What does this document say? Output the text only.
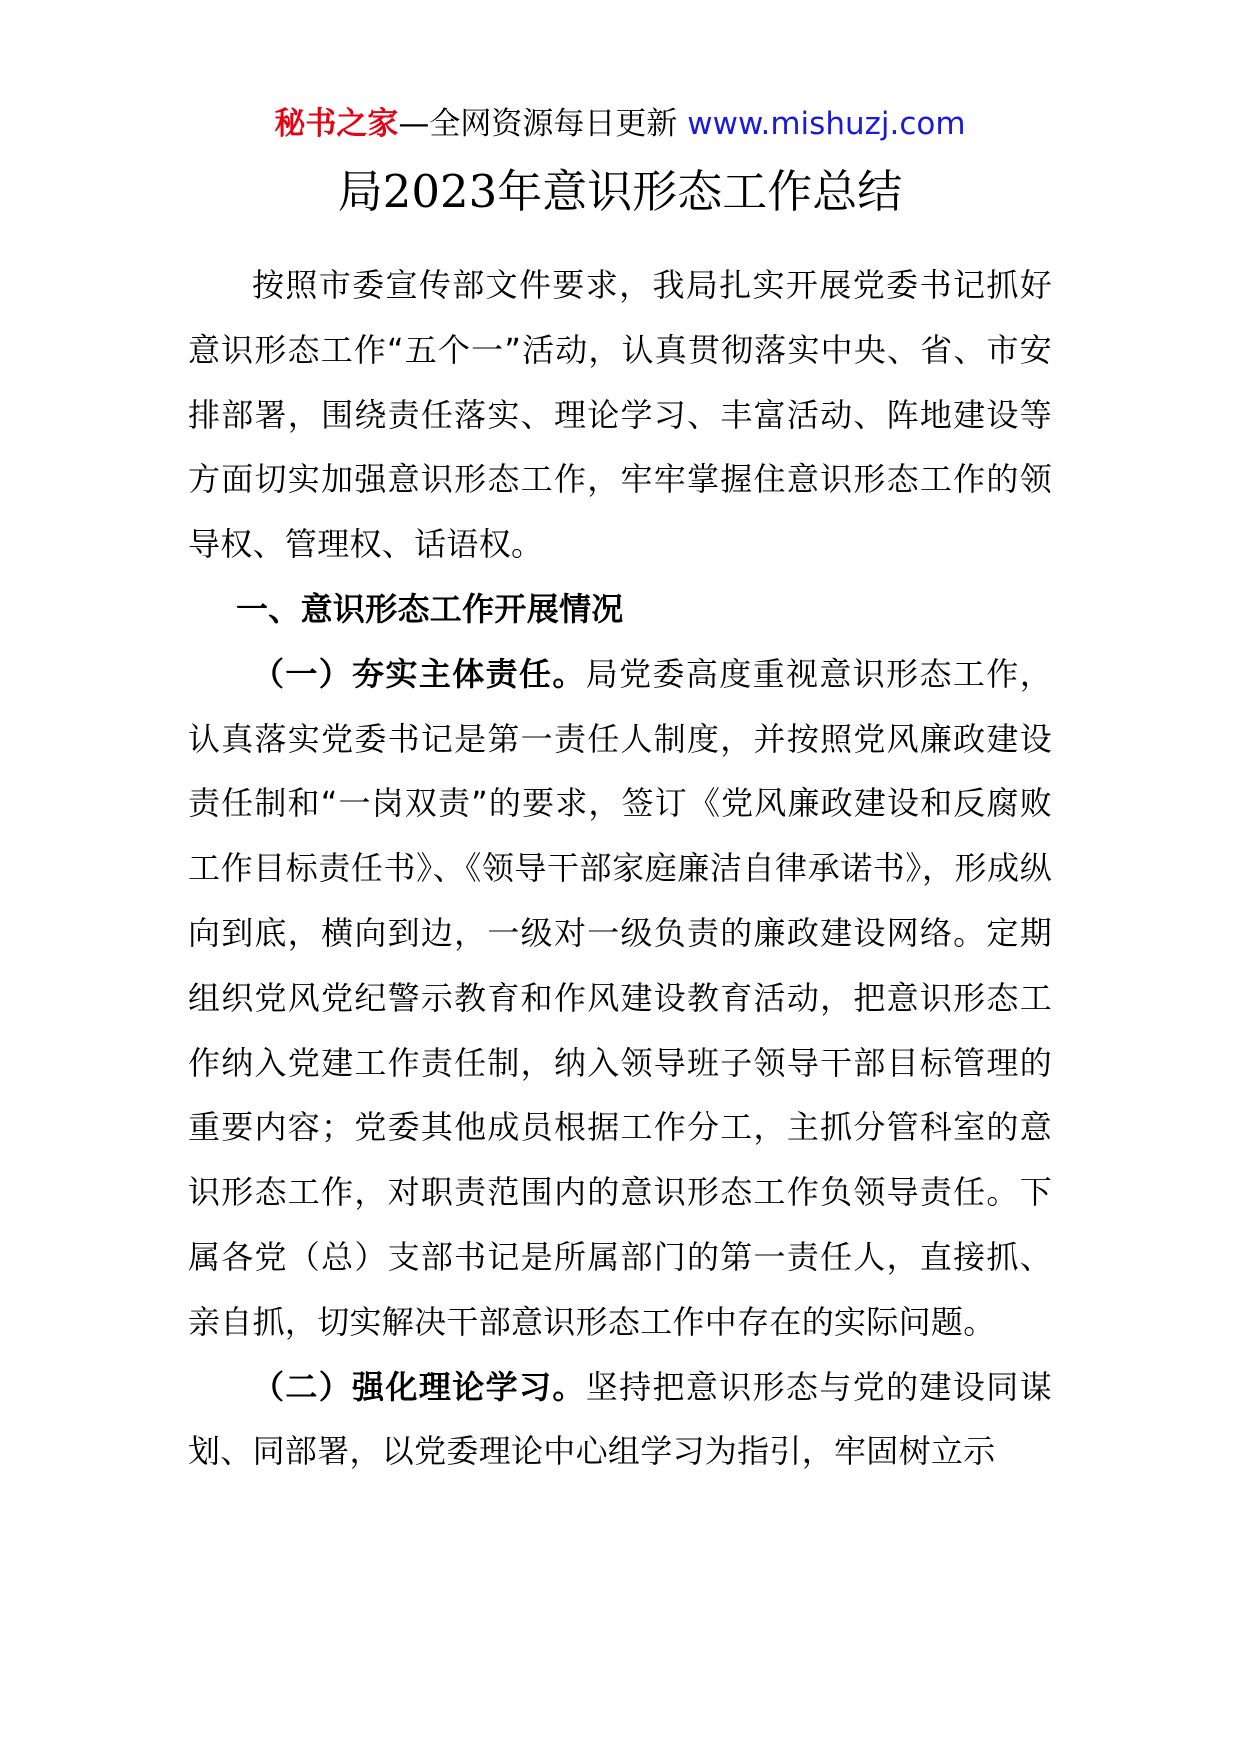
秘书之家—全网资源每日更新 www.mishuzj.com
局2023年意识形态工作总结

按照市委宣传部文件要求，我局扎实开展党委书记抓好意识形态工作“五个一”活动，认真贯彻落实中央、省、市安排部署，围绕责任落实、理论学习、丰富活动、阵地建设等方面切实加强意识形态工作，牢牢掌握住意识形态工作的领导权、管理权、话语权。

一、意识形态工作开展情况

（一）夯实主体责任。局党委高度重视意识形态工作，认真落实党委书记是第一责任人制度，并按照党风廉政建设责任制和“一岗双责”的要求，签订《党风廉政建设和反腐败工作目标责任书》、《领导干部家庭廉洁自律承诺书》，形成纵向到底，横向到边，一级对一级负责的廉政建设网络。定期组织党风党纪警示教育和作风建设教育活动，把意识形态工作纳入党建工作责任制，纳入领导班子领导干部目标管理的重要内容；党委其他成员根据工作分工，主抓分管科室的意识形态工作，对职责范围内的意识形态工作负领导责任。下属各党（总）支部书记是所属部门的第一责任人，直接抓、亲自抓，切实解决干部意识形态工作中存在的实际问题。

（二）强化理论学习。坚持把意识形态与党的建设同谋划、同部署，以党委理论中心组学习为指引，牢固树立示
